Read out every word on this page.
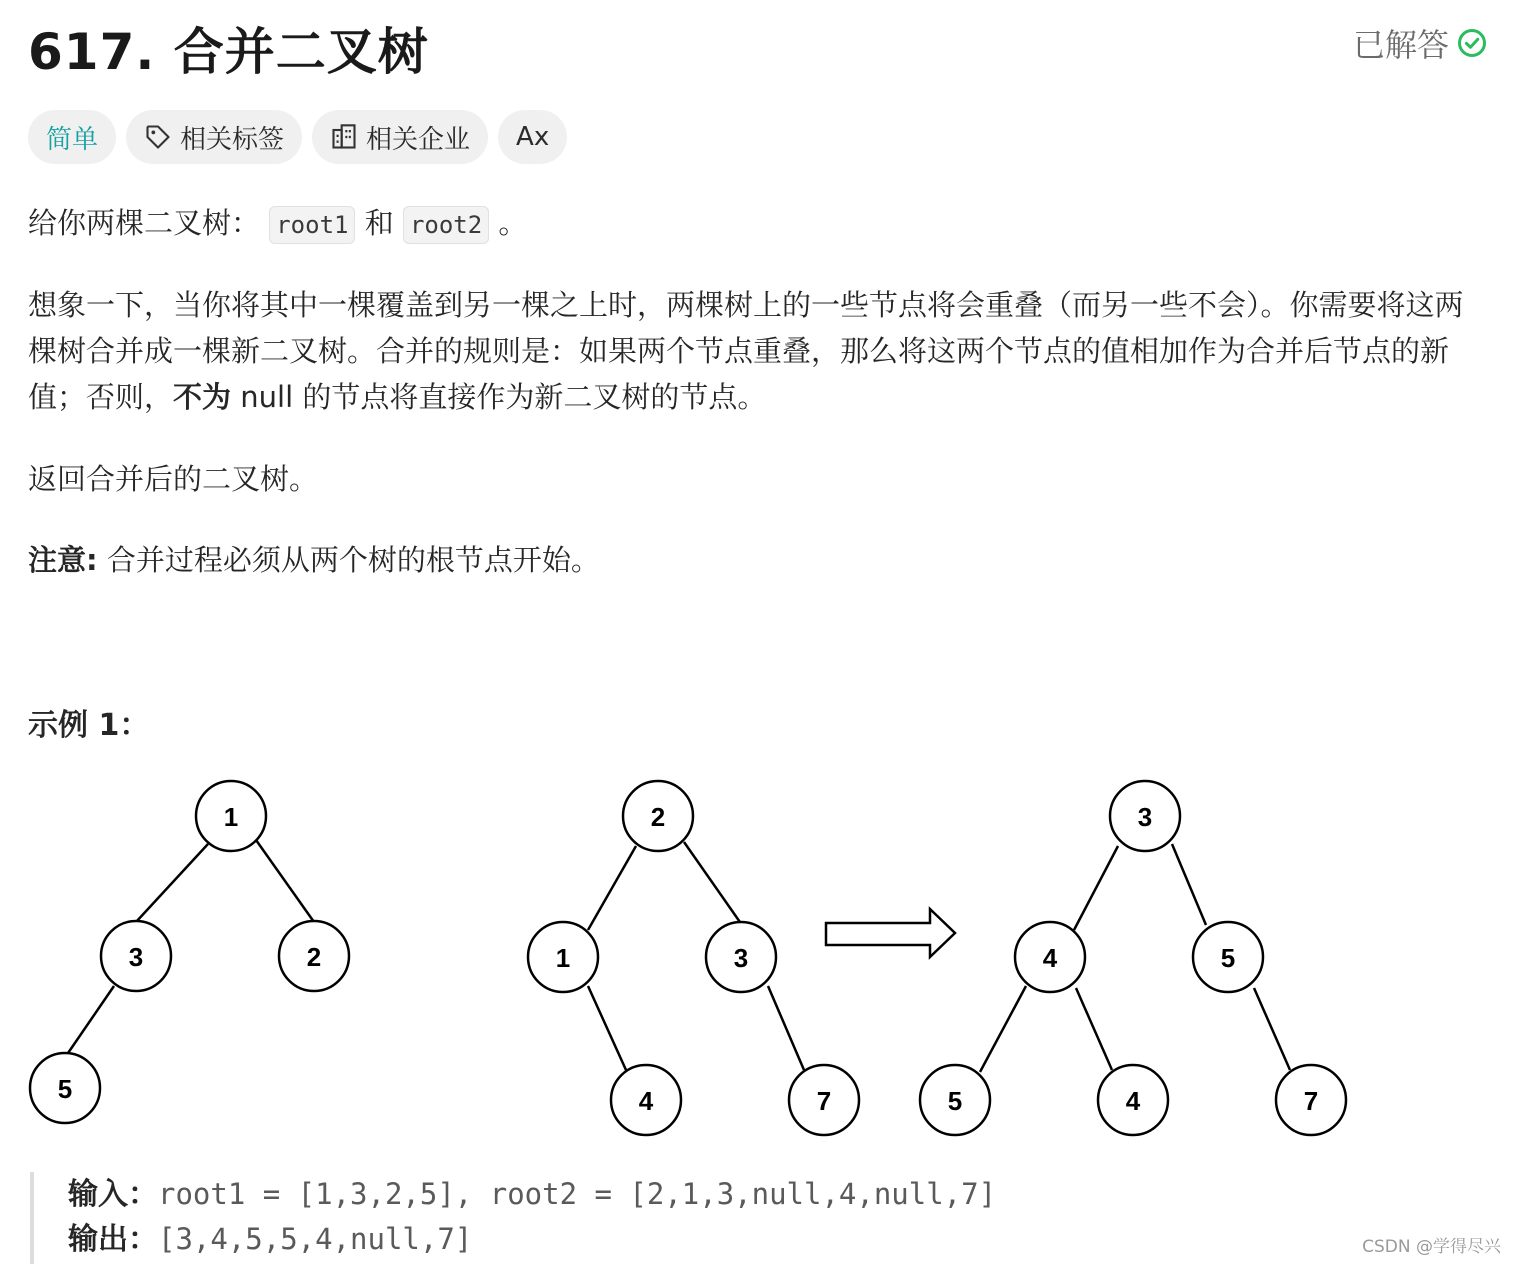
617. 合并二叉树	已解答
简单	相关标签	相关企业 Ax
给你两棵二叉树： root1 和 root2 。
想象一下，当你将其中一棵覆盖到另一棵之上时，两棵树上的一些节点将会重叠（而另一些不会）。你需要将这两棵树合并成一棵新二叉树。合并的规则是：如果两个节点重叠，那么将这两个节点的值相加作为合并后节点的新值；否则，不为 null 的节点将直接作为新二叉树的节点。
返回合并后的二叉树。
注意: 合并过程必须从两个树的根节点开始。
示例 1：
1
3	2
5
2
1	3
4	7
3
4	5
5	4	7
输入：root1 = [1,3,2,5], root2 = [2,1,3,null,4,null,7]
输出：[3,4,5,5,4,null,7]	CSDN @学得尽兴
